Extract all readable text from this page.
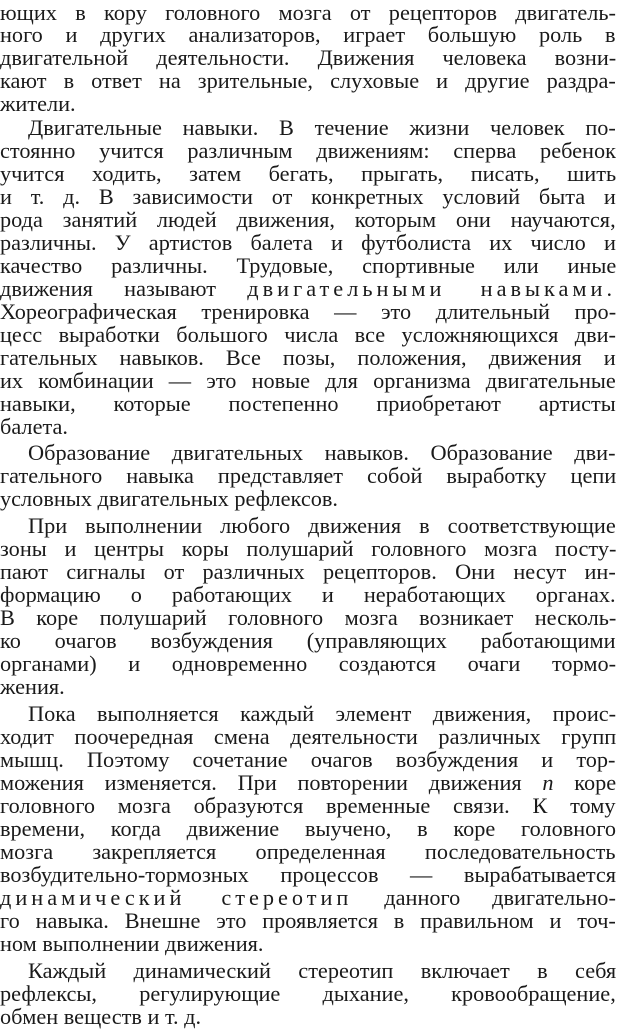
ющих в кору головного мозга от рецепторов двигатель-
ного и других анализаторов, играет большую роль в
двигательной деятельности. Движения человека возни-
кают в ответ на зрительные, слуховые и другие раздра-
жители.
Двигательные навыки. В течение жизни человек по-
стоянно учится различным движениям: сперва ребенок
учится ходить, затем бегать, прыгать, писать, шить
и т. д. В зависимости от конкретных условий быта и
рода занятий людей движения, которым они научаются,
различны. У артистов балета и футболиста их число и
качество различны. Трудовые, спортивные или иные
движения называют двигательными навыками.
Хореографическая тренировка — это длительный про-
цесс выработки большого числа все усложняющихся дви-
гательных навыков. Все позы, положения, движения и
их комбинации — это новые для организма двигательные
навыки, которые постепенно приобретают артисты
балета.
Образование двигательных навыков. Образование дви-
гательного навыка представляет собой выработку цепи
условных двигательных рефлексов.
При выполнении любого движения в соответствующие
зоны и центры коры полушарий головного мозга посту-
пают сигналы от различных рецепторов. Они несут ин-
формацию о работающих и неработающих органах.
В коре полушарий головного мозга возникает несколь-
ко очагов возбуждения (управляющих работающими
органами) и одновременно создаются очаги тормо-
жения.
Пока выполняется каждый элемент движения, проис-
ходит поочередная смена деятельности различных групп
мышц. Поэтому сочетание очагов возбуждения и тор-
можения изменяется. При повторении движения п коре
головного мозга образуются временные связи. К тому
времени, когда движение выучено, в коре головного
мозга закрепляется определенная последовательность
возбудительно-тормозных процессов — вырабатывается
динамический стереотип данного двигательно-
го навыка. Внешне это проявляется в правильном и точ-
ном выполнении движения.
Каждый динамический стереотип включает в себя
рефлексы, регулирующие дыхание, кровообращение,
обмен веществ и т. д.
